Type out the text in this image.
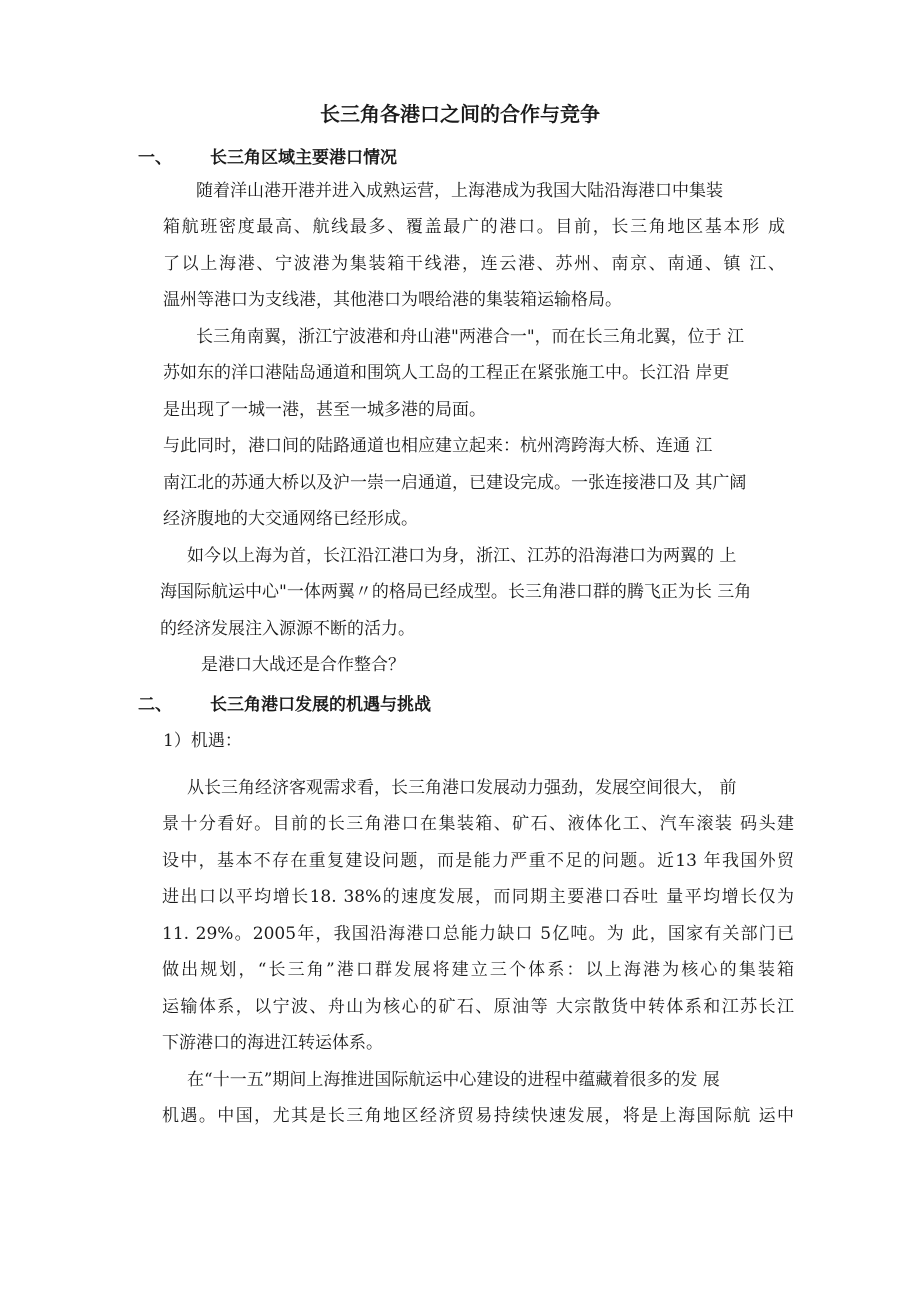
长三角各港口之间的合作与竞争
一、 长三角区域主要港口情况
随着洋山港开港并进入成熟运营，上海港成为我国大陆沿海港口中集装
箱航班密度最高、航线最多、覆盖最广的港口。目前，长三角地区基本形 成
了以上海港、宁波港为集装箱干线港，连云港、苏州、南京、南通、镇 江、
温州等港口为支线港，其他港口为喂给港的集装箱运输格局。
长三角南翼，浙江宁波港和舟山港"两港合一"，而在长三角北翼，位于 江
苏如东的洋口港陆岛通道和围筑人工岛的工程正在紧张施工中。长江沿 岸更
是出现了一城一港，甚至一城多港的局面。
与此同时，港口间的陆路通道也相应建立起来：杭州湾跨海大桥、连通 江
南江北的苏通大桥以及沪一崇一启通道，已建设完成。一张连接港口及 其广阔
经济腹地的大交通网络已经形成。
如今以上海为首，长江沿江港口为身，浙江、江苏的沿海港口为两翼的 上
海国际航运中心"一体两翼〃的格局已经成型。长三角港口群的腾飞正为长 三角
的经济发展注入源源不断的活力。
是港口大战还是合作整合？
二、 长三角港口发展的机遇与挑战
1）机遇：
从长三角经济客观需求看，长三角港口发展动力强劲，发展空间很大， 前
景十分看好。目前的长三角港口在集装箱、矿石、液体化工、汽车滚装 码头建
设中，基本不存在重复建设问题，而是能力严重不足的问题。近13 年我国外贸
进出口以平均增长18. 38%的速度发展，而同期主要港口吞吐 量平均增长仅为
11. 29%。2005年，我国沿海港口总能力缺口 5亿吨。为 此，国家有关部门已
做出规划，“长三角”港口群发展将建立三个体系：以上海港为核心的集装箱
运输体系，以宁波、舟山为核心的矿石、原油等 大宗散货中转体系和江苏长江
下游港口的海进江转运体系。
在“十一五”期间上海推进国际航运中心建设的进程中蕴藏着很多的发 展
机遇。中国，尤其是长三角地区经济贸易持续快速发展，将是上海国际航 运中
